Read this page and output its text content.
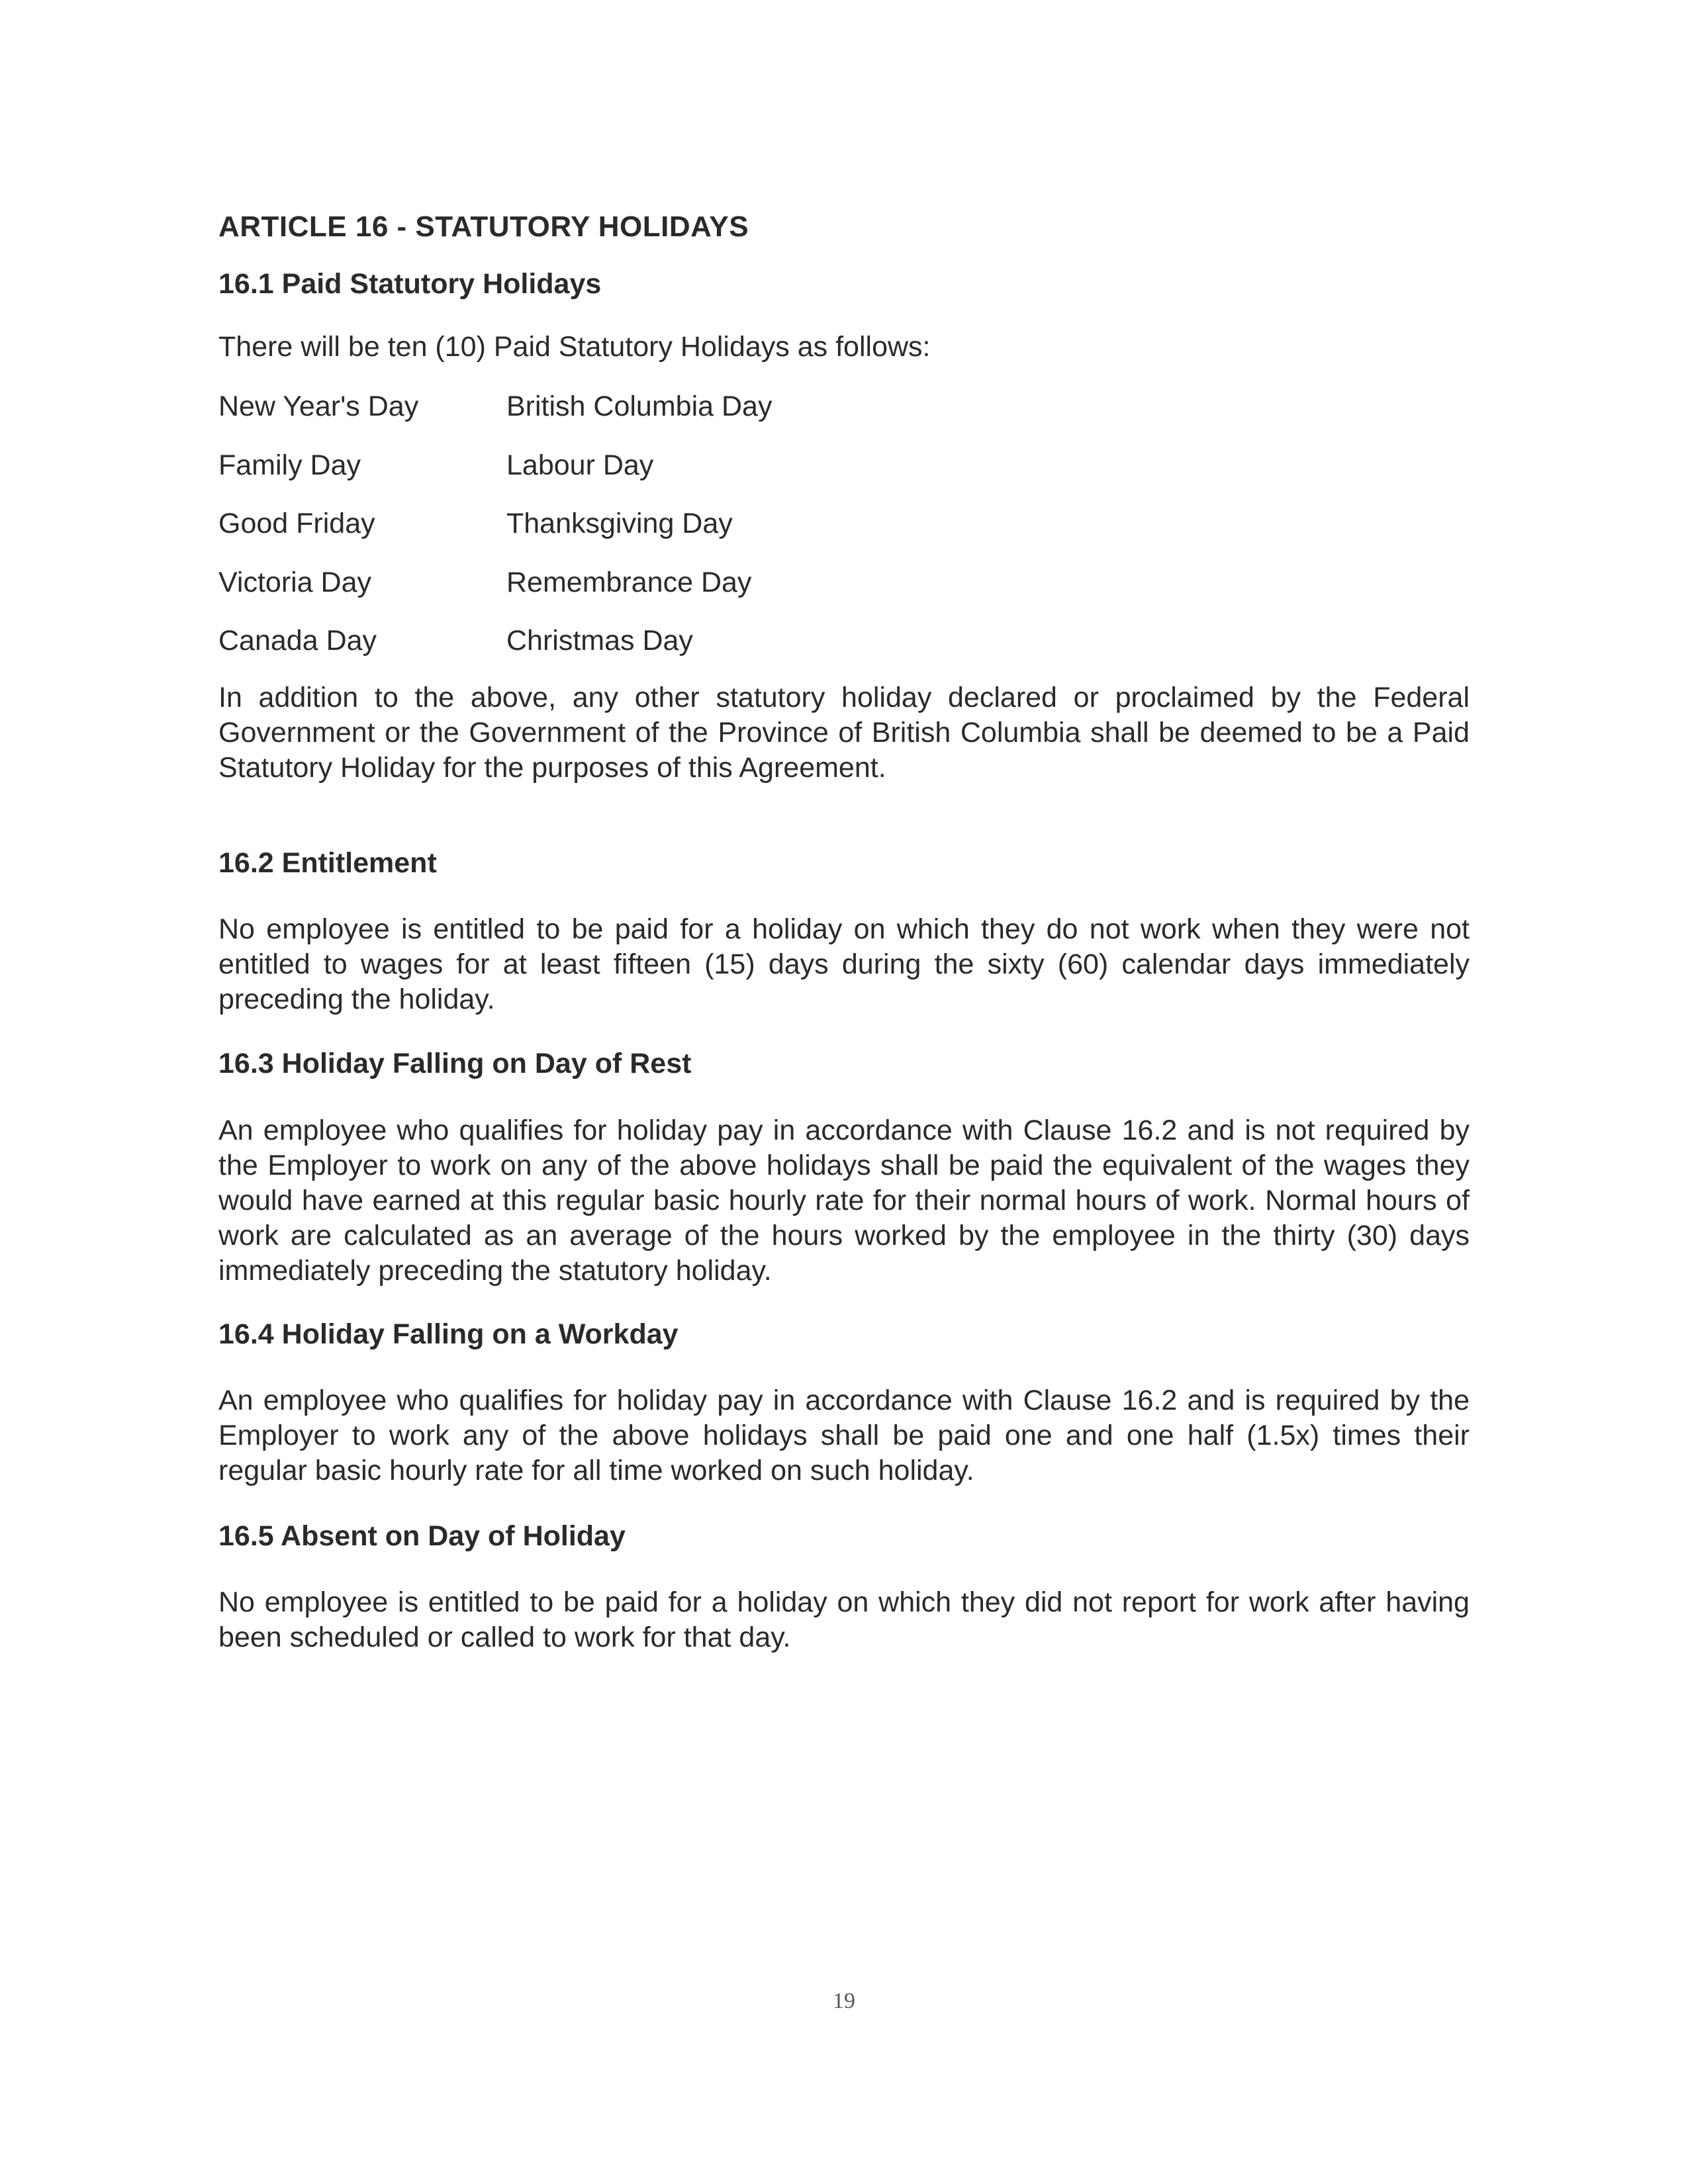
ARTICLE 16 - STATUTORY HOLIDAYS
16.1 Paid Statutory Holidays

There will be ten (10) Paid Statutory Holidays as follows:

New Year's Day	British Columbia Day
Family Day	Labour Day
Good Friday	Thanksgiving Day
Victoria Day	Remembrance Day
Canada Day	Christmas Day

In addition to the above, any other statutory holiday declared or proclaimed by the Federal Government or the Government of the Province of British Columbia shall be deemed to be a Paid Statutory Holiday for the purposes of this Agreement.

16.2 Entitlement

No employee is entitled to be paid for a holiday on which they do not work when they were not entitled to wages for at least fifteen (15) days during the sixty (60) calendar days immediately preceding the holiday.

16.3 Holiday Falling on Day of Rest

An employee who qualifies for holiday pay in accordance with Clause 16.2 and is not required by the Employer to work on any of the above holidays shall be paid the equivalent of the wages they would have earned at this regular basic hourly rate for their normal hours of work. Normal hours of work are calculated as an average of the hours worked by the employee in the thirty (30) days immediately preceding the statutory holiday.

16.4 Holiday Falling on a Workday

An employee who qualifies for holiday pay in accordance with Clause 16.2 and is required by the Employer to work any of the above holidays shall be paid one and one half (1.5x) times their regular basic hourly rate for all time worked on such holiday.

16.5 Absent on Day of Holiday

No employee is entitled to be paid for a holiday on which they did not report for work after having been scheduled or called to work for that day.

19
